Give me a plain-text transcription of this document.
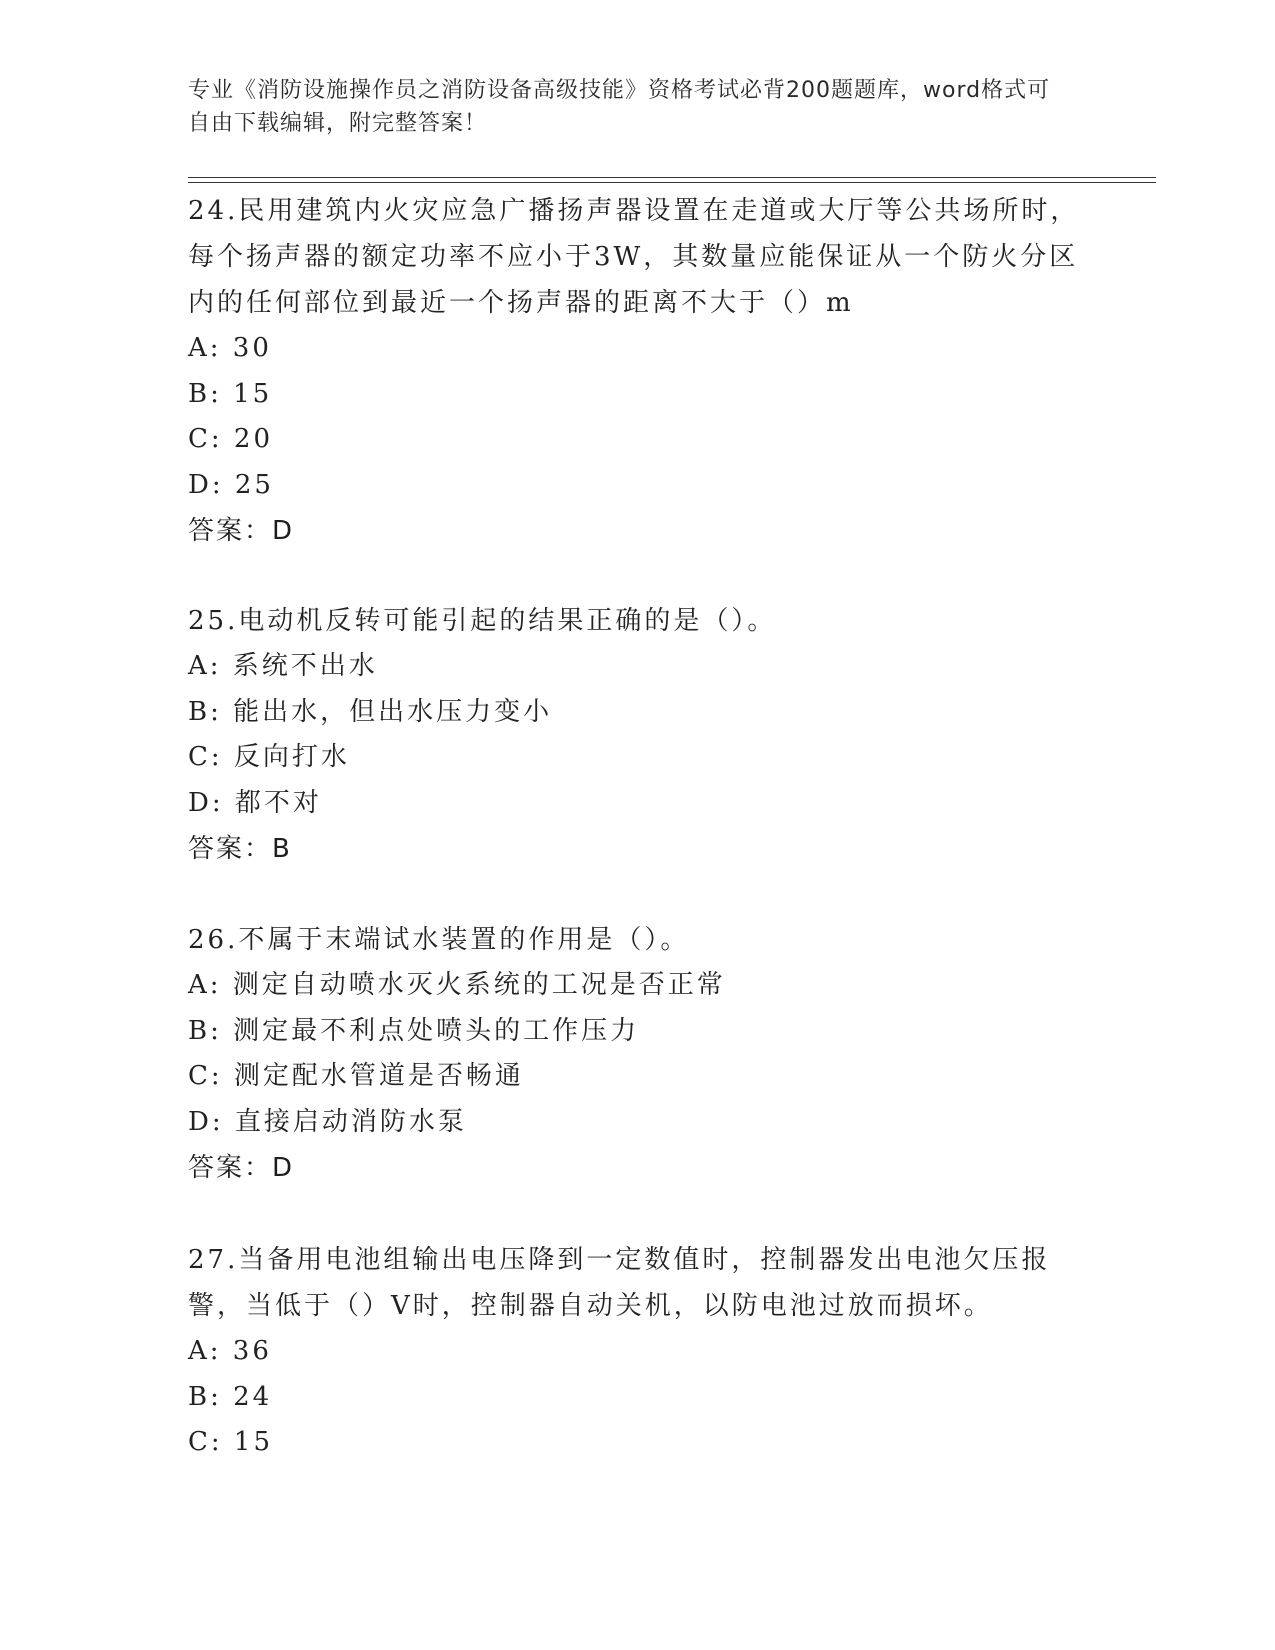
专业《消防设施操作员之消防设备高级技能》资格考试必背200题题库，word格式可自由下载编辑，附完整答案！
24.民用建筑内火灾应急广播扬声器设置在走道或大厅等公共场所时，每个扬声器的额定功率不应小于3W，其数量应能保证从一个防火分区内的任何部位到最近一个扬声器的距离不大于（）m
A: 30
B: 15
C: 20
D: 25
答案：D
25.电动机反转可能引起的结果正确的是（）。
A: 系统不出水
B: 能出水，但出水压力变小
C: 反向打水
D: 都不对
答案：B
26.不属于末端试水装置的作用是（）。
A: 测定自动喷水灭火系统的工况是否正常
B: 测定最不利点处喷头的工作压力
C: 测定配水管道是否畅通
D: 直接启动消防水泵
答案：D
27.当备用电池组输出电压降到一定数值时，控制器发出电池欠压报警，当低于（）V时，控制器自动关机，以防电池过放而损坏。
A: 36
B: 24
C: 15
